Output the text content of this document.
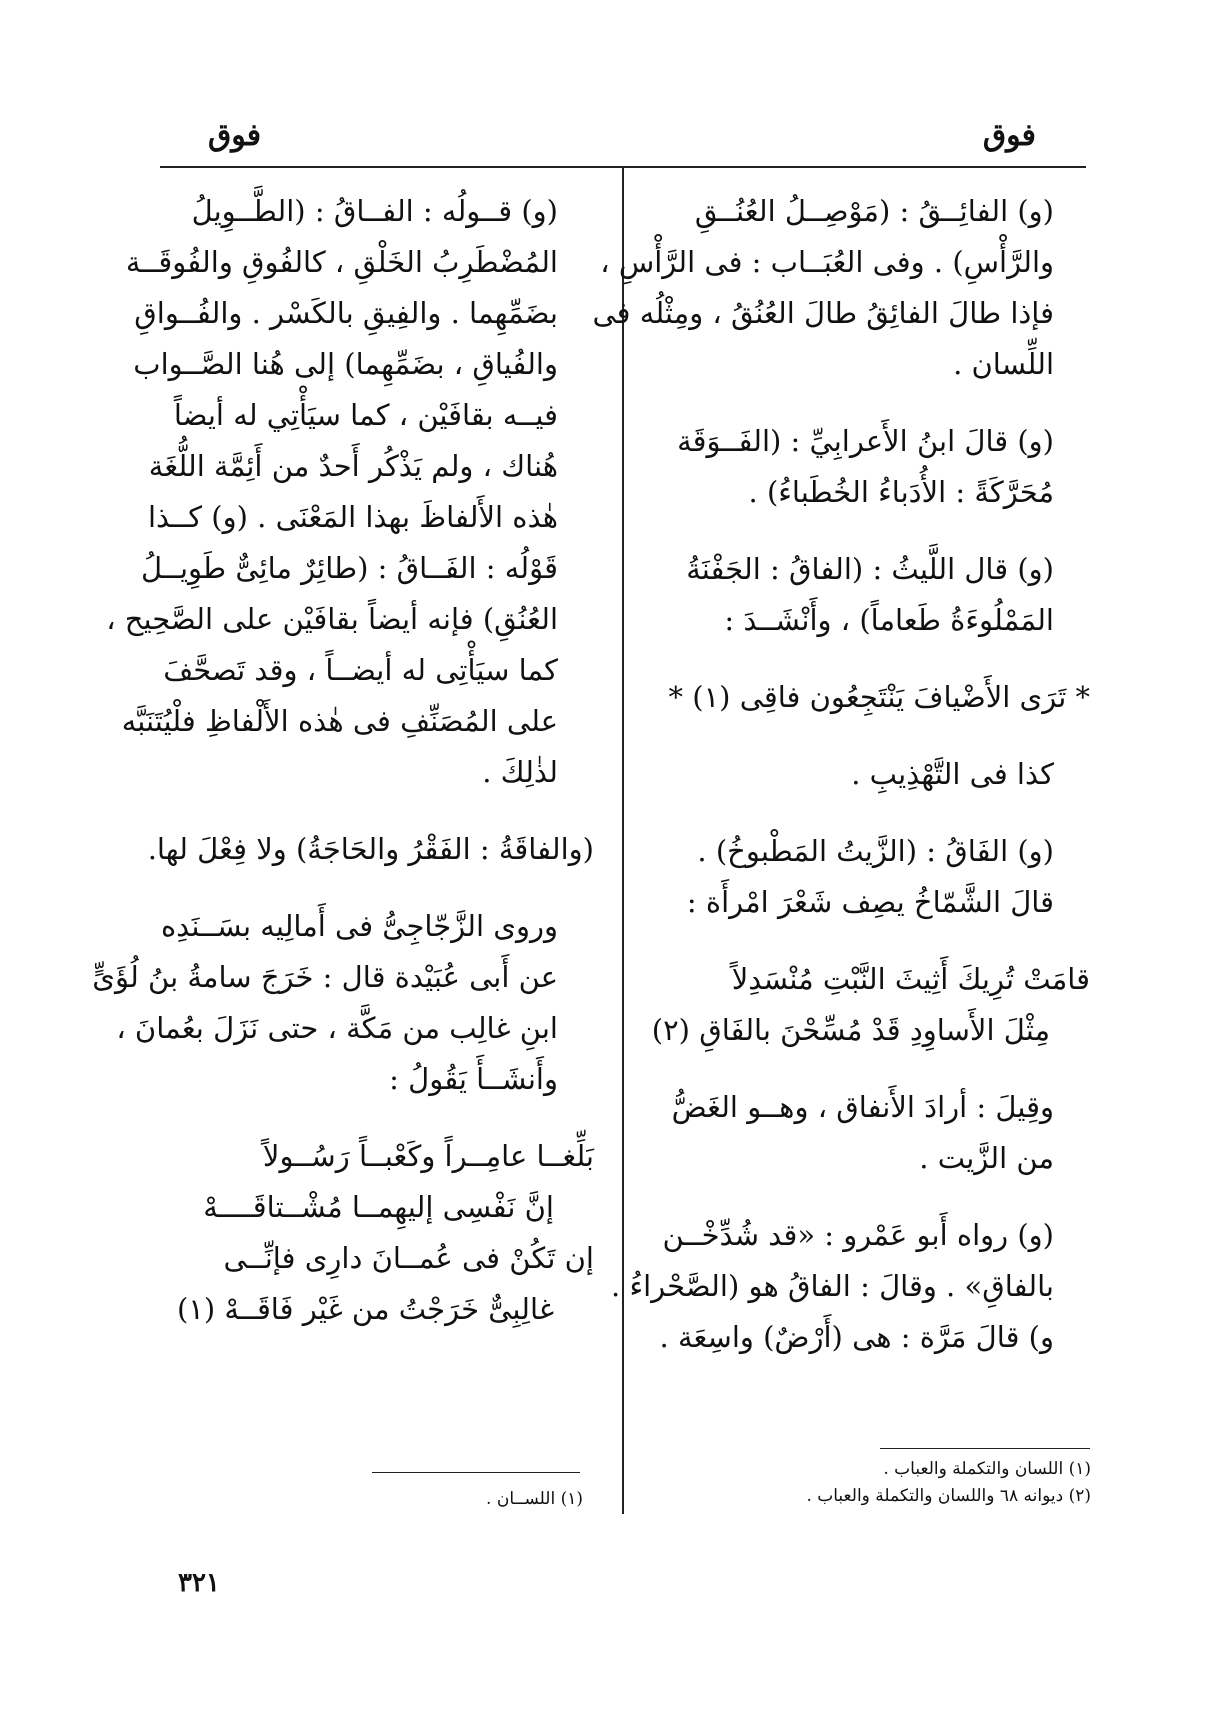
فوق
فوق
(و) الفائِــقُ : (مَوْصِــلُ العُنُــقِ
والرَّأْسِ) . وفى العُبَــاب : فى الرَّأْسِ ،
فإذا طالَ الفائِقُ طالَ العُنُقُ ، ومِثْلُه فى
اللِّسان .
(و) قالَ ابنُ الأَعرابِيِّ : (الفَــوَقَة
مُحَرَّكَةً : الأُدَباءُ الخُطَباءُ) .
(و) قال اللَّيثُ : (الفاقُ : الجَفْنَةُ
المَمْلُوءَةُ طَعاماً) ، وأَنْشَــدَ :
* تَرَى الأَضْيافَ يَنْتَجِعُون فاقِى (١) *
كذا فى التَّهْذِيبِ .
(و) الفَاقُ : (الزَّيتُ المَطْبوخُ) .
قالَ الشَّمّاخُ يصِف شَعْرَ امْرأَة :
قامَتْ تُرِيكَ أَثِيثَ النَّبْتِ مُنْسَدِلاً
مِثْلَ الأَساوِدِ قَدْ مُسِّحْنَ بالفَاقِ (٢)
وقِيلَ : أرادَ الأَنفاق ، وهــو الغَضُّ
من الزَّيت .
(و) رواه أَبو عَمْرو : «قد شُدِّخْــن
بالفاقِ» . وقالَ : الفاقُ هو (الصَّحْراءُ .
و) قالَ مَرَّة : هى (أَرْضٌ) واسِعَة .
(و) قــولُه : الفــاقُ : (الطَّــوِيلُ
المُضْطَرِبُ الخَلْقِ ، كالفُوقِ والفُوقَــة
بضَمِّهِما . والفِيقِ بالكَسْر . والفُــواقِ
والفُياقِ ، بضَمِّهِما) إلى هُنا الصَّــواب
فيــه بقافَيْن ، كما سيَأْتِي له أيضاً
هُناك ، ولم يَذْكُر أَحدٌ من أَئِمَّة اللُّغَة
هٰذه الأَلفاظَ بهذا المَعْنَى . (و) كــذا
قَوْلُه : الفَــاقُ : (طائِرٌ مائِىٌّ طَوِيــلُ
العُنُقِ) فإنه أيضاً بقافَيْن على الصَّحِيح ،
كما سيَأْتِى له أيضــاً ، وقد تَصحَّفَ
على المُصَنِّفِ فى هٰذه الأَلْفاظِ فلْيُتَنَبَّه
لذٰلِكَ .
(والفاقَةُ : الفَقْرُ والحَاجَةُ) ولا فِعْلَ لها.
وروى الزَّجّاجِىُّ فى أَمالِيه بسَــنَدِه
عن أَبى عُبَيْدة قال : خَرَجَ سامةُ بنُ لُؤَىٍّ
ابنِ غالِب من مَكَّة ، حتى نَزَلَ بعُمانَ ،
وأَنشَــأَ يَقُولُ :
بَلِّغــا عامِــراً وكَعْبــاً رَسُــولاً
إنَّ نَفْسِى إليهِمــا مُشْــتاقَــــهْ
إن تَكُنْ فى عُمــانَ دارِى فإنِّــى
غالِبِىٌّ خَرَجْتُ من غَيْر فَاقَــهْ (١)
(١) اللسان والتكملة والعباب .
(٢) ديوانه ٦٨ واللسان والتكملة والعباب .
(١) اللســان .
٣٢١
